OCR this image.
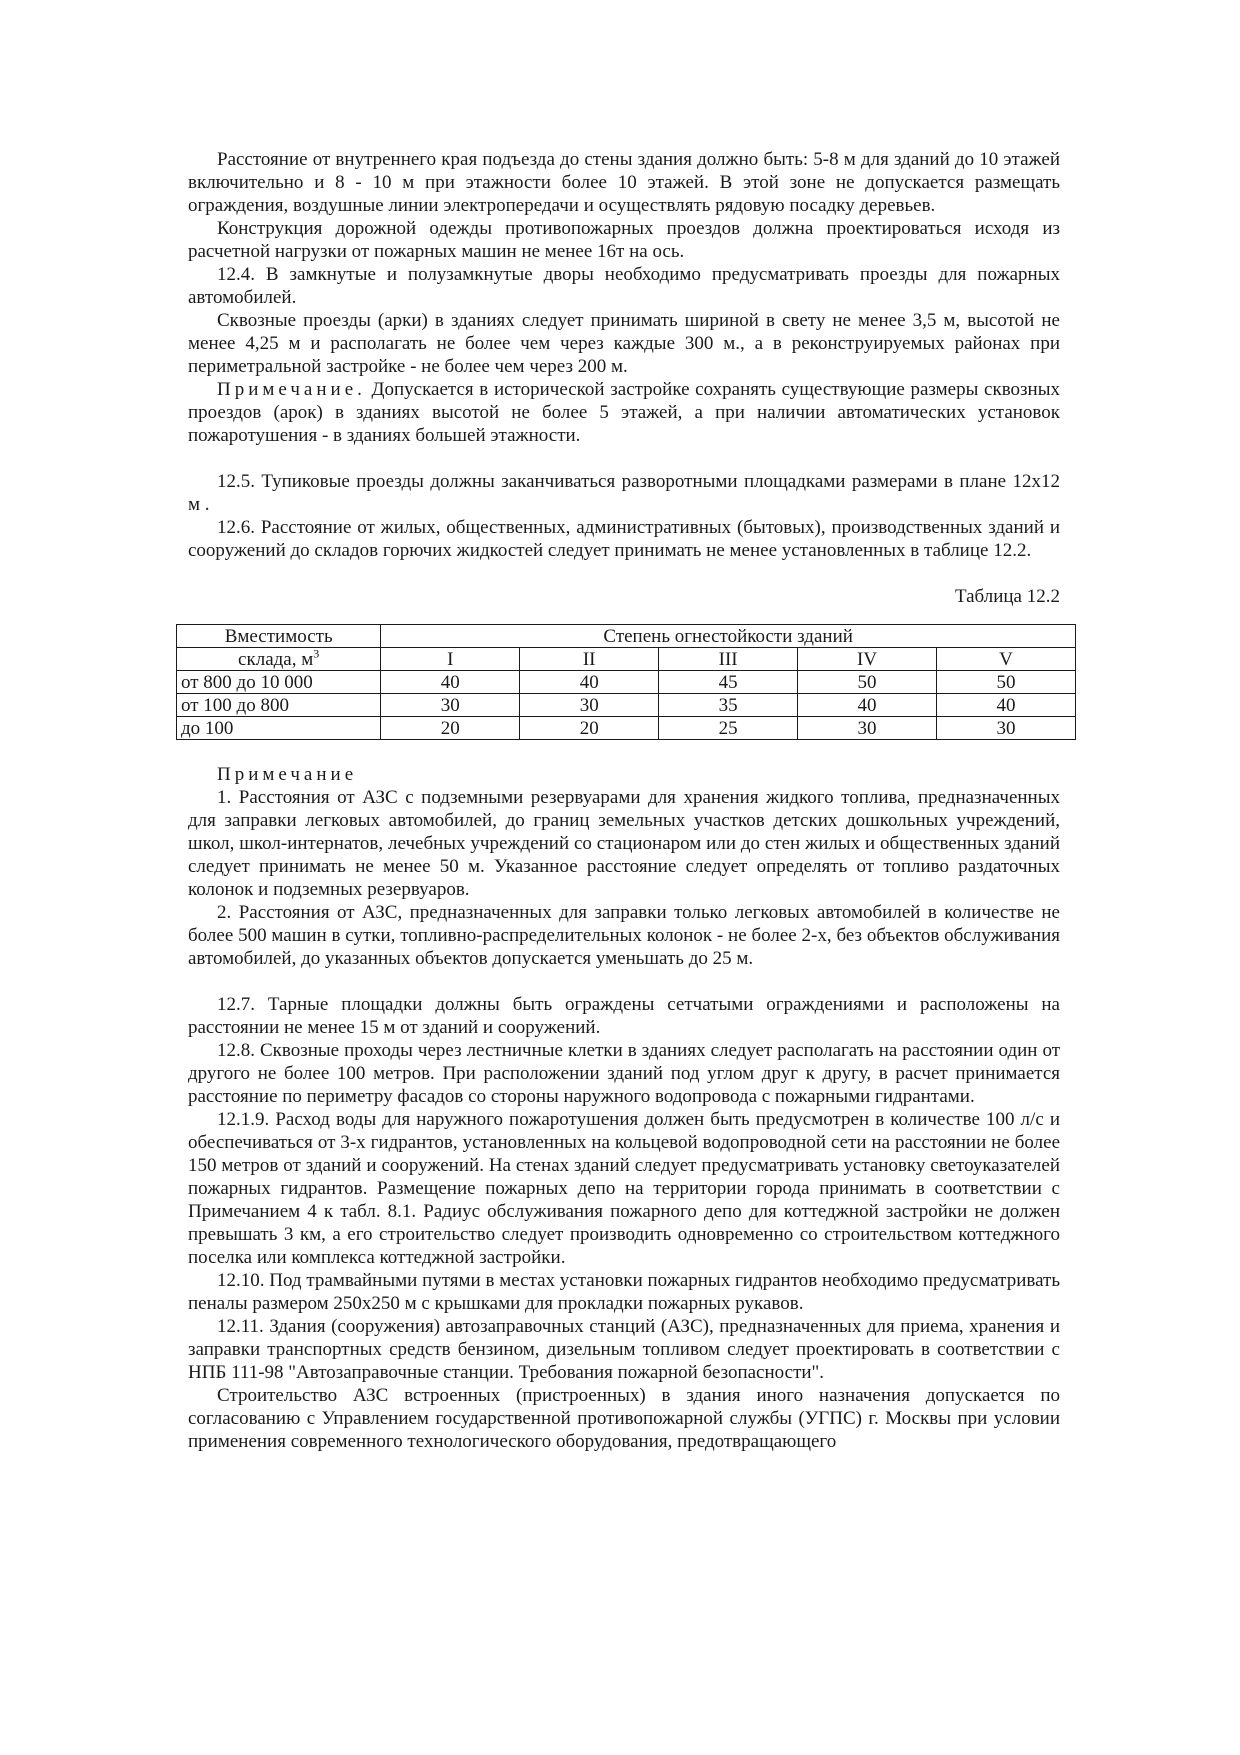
Расстояние от внутреннего края подъезда до стены здания должно быть: 5-8 м для зданий до 10 этажей включительно и 8 - 10 м при этажности более 10 этажей. В этой зоне не допускается размещать ограждения, воздушные линии электропередачи и осуществлять рядовую посадку деревьев.

Конструкция дорожной одежды противопожарных проездов должна проектироваться исходя из расчетной нагрузки от пожарных машин не менее 16т на ось.

12.4. В замкнутые и полузамкнутые дворы необходимо предусматривать проезды для пожарных автомобилей.

Сквозные проезды (арки) в зданиях следует принимать шириной в свету не менее 3,5 м, высотой не менее 4,25 м и располагать не более чем через каждые 300 м., а в реконструируемых районах при периметральной застройке - не более чем через 200 м.

Примечание. Допускается в исторической застройке сохранять существующие размеры сквозных проездов (арок) в зданиях высотой не более 5 этажей, а при наличии автоматических установок пожаротушения - в зданиях большей этажности.

12.5. Тупиковые проезды должны заканчиваться разворотными площадками размерами в плане 12х12 м .

12.6. Расстояние от жилых, общественных, административных (бытовых), производственных зданий и сооружений до складов горючих жидкостей следует принимать не менее установленных в таблице 12.2.

Таблица 12.2

Вместимость	Степень огнестойкости зданий				
склада, $м^3$	I	II	III	IV	V
от 800 до 10 000	40	40	45	50	50
от 100 до 800	30	30	35	40	40
до 100	20	20	25	30	30

Примечание

1. Расстояния от АЗС с подземными резервуарами для хранения жидкого топлива, предназначенных для заправки легковых автомобилей, до границ земельных участков детских дошкольных учреждений, школ, школ-интернатов, лечебных учреждений со стационаром или до стен жилых и общественных зданий следует принимать не менее 50 м. Указанное расстояние следует определять от топливо раздаточных колонок и подземных резервуаров.

2. Расстояния от АЗС, предназначенных для заправки только легковых автомобилей в количестве не более 500 машин в сутки, топливно-распределительных колонок - не более 2-х, без объектов обслуживания автомобилей, до указанных объектов допускается уменьшать до 25 м.

12.7. Тарные площадки должны быть ограждены сетчатыми ограждениями и расположены на расстоянии не менее 15 м от зданий и сооружений.

12.8. Сквозные проходы через лестничные клетки в зданиях следует располагать на расстоянии один от другого не более 100 метров. При расположении зданий под углом друг к другу, в расчет принимается расстояние по периметру фасадов со стороны наружного водопровода с пожарными гидрантами.

12.1.9. Расход воды для наружного пожаротушения должен быть предусмотрен в количестве 100 л/с и обеспечиваться от 3-х гидрантов, установленных на кольцевой водопроводной сети на расстоянии не более 150 метров от зданий и сооружений. На стенах зданий следует предусматривать установку светоуказателей пожарных гидрантов. Размещение пожарных депо на территории города принимать в соответствии с Примечанием 4 к табл. 8.1. Радиус обслуживания пожарного депо для коттеджной застройки не должен превышать 3 км, а его строительство следует производить одновременно со строительством коттеджного поселка или комплекса коттеджной застройки.

12.10. Под трамвайными путями в местах установки пожарных гидрантов необходимо предусматривать пеналы размером 250х250 м с крышками для прокладки пожарных рукавов.

12.11. Здания (сооружения) автозаправочных станций (АЗС), предназначенных для приема, хранения и заправки транспортных средств бензином, дизельным топливом следует проектировать в соответствии с НПБ 111-98 "Автозаправочные станции. Требования пожарной безопасности".

Строительство АЗС встроенных (пристроенных) в здания иного назначения допускается по согласованию с Управлением государственной противопожарной службы (УГПС) г. Москвы при условии применения современного технологического оборудования, предотвращающего
